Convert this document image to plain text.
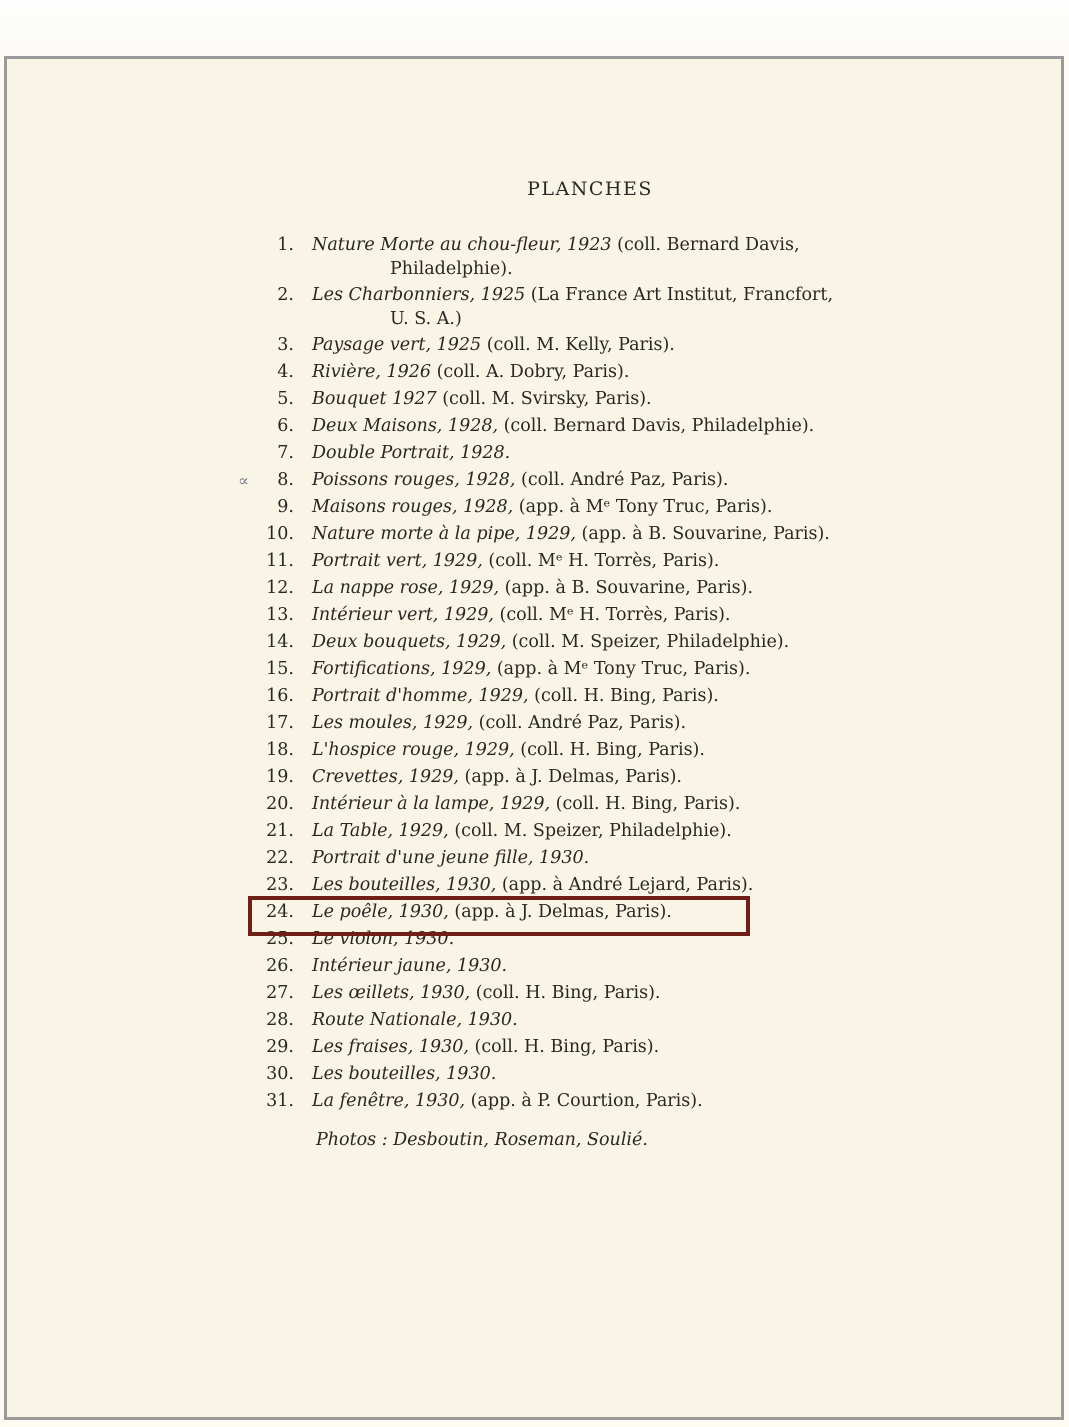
PLANCHES
1. Nature Morte au chou-fleur, 1923 (coll. Bernard Davis,
Philadelphie).
2. Les Charbonniers, 1925 (La France Art Institut, Francfort,
U. S. A.)
3. Paysage vert, 1925 (coll. M. Kelly, Paris).
4. Rivière, 1926 (coll. A. Dobry, Paris).
5. Bouquet 1927 (coll. M. Svirsky, Paris).
6. Deux Maisons, 1928, (coll. Bernard Davis, Philadelphie).
7. Double Portrait, 1928.
∝	8. Poissons rouges, 1928, (coll. André Paz, Paris).
9. Maisons rouges, 1928, (app. à Mᵉ Tony Truc, Paris).
10. Nature morte à la pipe, 1929, (app. à B. Souvarine, Paris).
11. Portrait vert, 1929, (coll. Mᵉ H. Torrès, Paris).
12. La nappe rose, 1929, (app. à B. Souvarine, Paris).
13. Intérieur vert, 1929, (coll. Mᵉ H. Torrès, Paris).
14. Deux bouquets, 1929, (coll. M. Speizer, Philadelphie).
15. Fortifications, 1929, (app. à Mᵉ Tony Truc, Paris).
16. Portrait d'homme, 1929, (coll. H. Bing, Paris).
17. Les moules, 1929, (coll. André Paz, Paris).
18. L'hospice rouge, 1929, (coll. H. Bing, Paris).
19. Crevettes, 1929, (app. à J. Delmas, Paris).
20. Intérieur à la lampe, 1929, (coll. H. Bing, Paris).
21. La Table, 1929, (coll. M. Speizer, Philadelphie).
22. Portrait d'une jeune fille, 1930.
23. Les bouteilles, 1930, (app. à André Lejard, Paris).
24. Le poêle, 1930, (app. à J. Delmas, Paris).
25. Le violon, 1930.
26. Intérieur jaune, 1930.
27. Les œillets, 1930, (coll. H. Bing, Paris).
28. Route Nationale, 1930.
29. Les fraises, 1930, (coll. H. Bing, Paris).
30. Les bouteilles, 1930.
31. La fenêtre, 1930, (app. à P. Courtion, Paris).
Photos : Desboutin, Roseman, Soulié.
